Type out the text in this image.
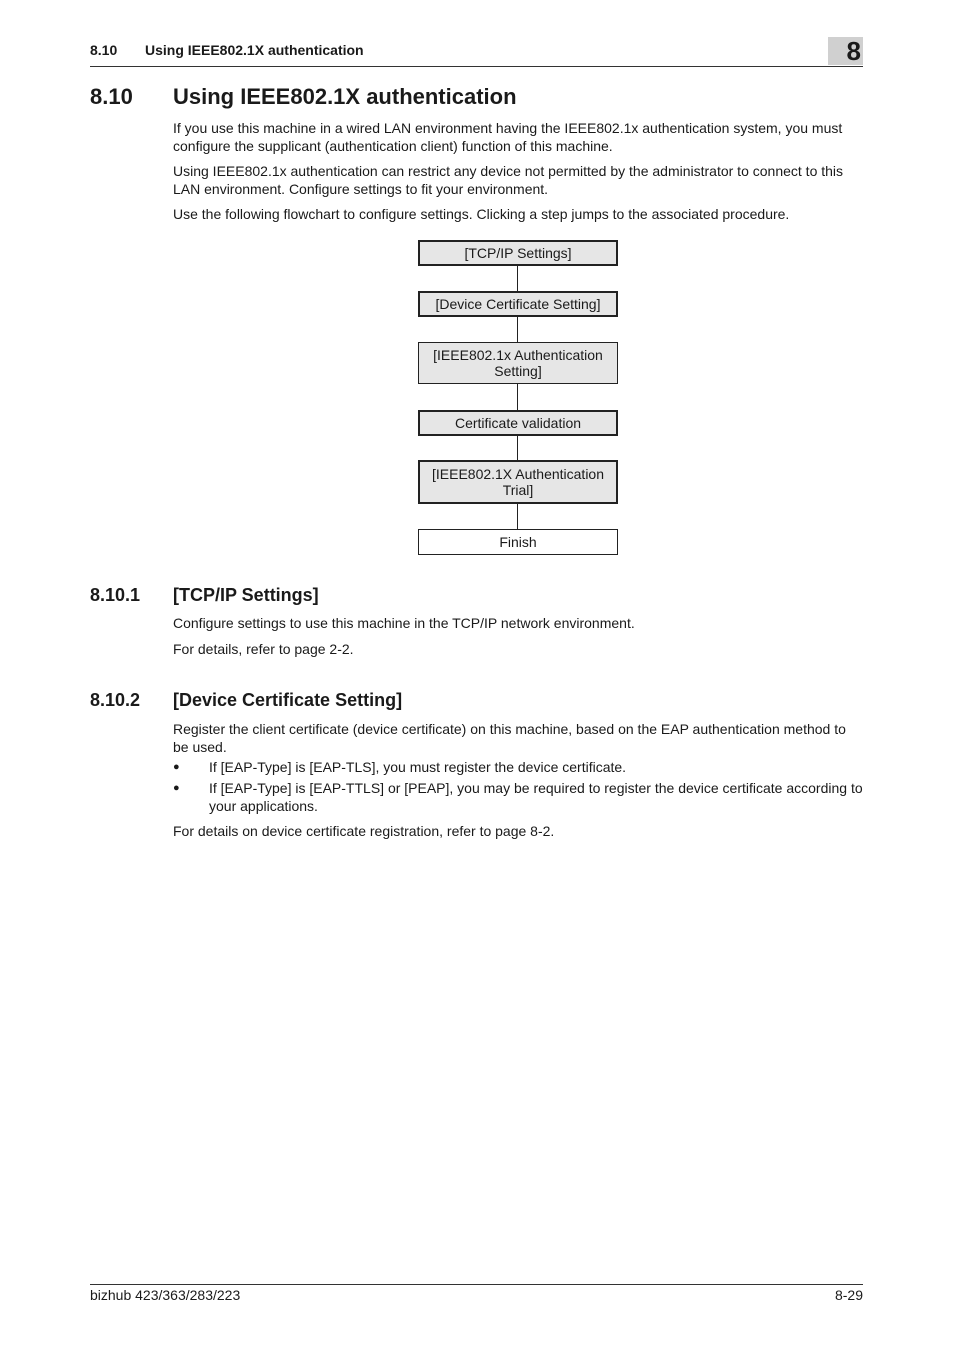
8.10 Using IEEE802.1X authentication	8
8.10 Using IEEE802.1X authentication

If you use this machine in a wired LAN environment having the IEEE802.1x authentication system, you must configure the supplicant (authentication client) function of this machine.

Using IEEE802.1x authentication can restrict any device not permitted by the administrator to connect to this LAN environment. Configure settings to fit your environment.

Use the following flowchart to configure settings. Clicking a step jumps to the associated procedure.

[TCP/IP Settings]
[Device Certificate Setting]
[IEEE802.1x Authentication Setting]
Certificate validation
[IEEE802.1X Authentication Trial]
Finish
8.10.1 [TCP/IP Settings]

Configure settings to use this machine in the TCP/IP network environment.

For details, refer to page 2-2.

8.10.2 [Device Certificate Setting]

Register the client certificate (device certificate) on this machine, based on the EAP authentication method to be used.

● If [EAP-Type] is [EAP-TLS], you must register the device certificate.
● If [EAP-Type] is [EAP-TTLS] or [PEAP], you may be required to register the device certificate according to your applications.

For details on device certificate registration, refer to page 8-2.

bizhub 423/363/283/223	8-29
